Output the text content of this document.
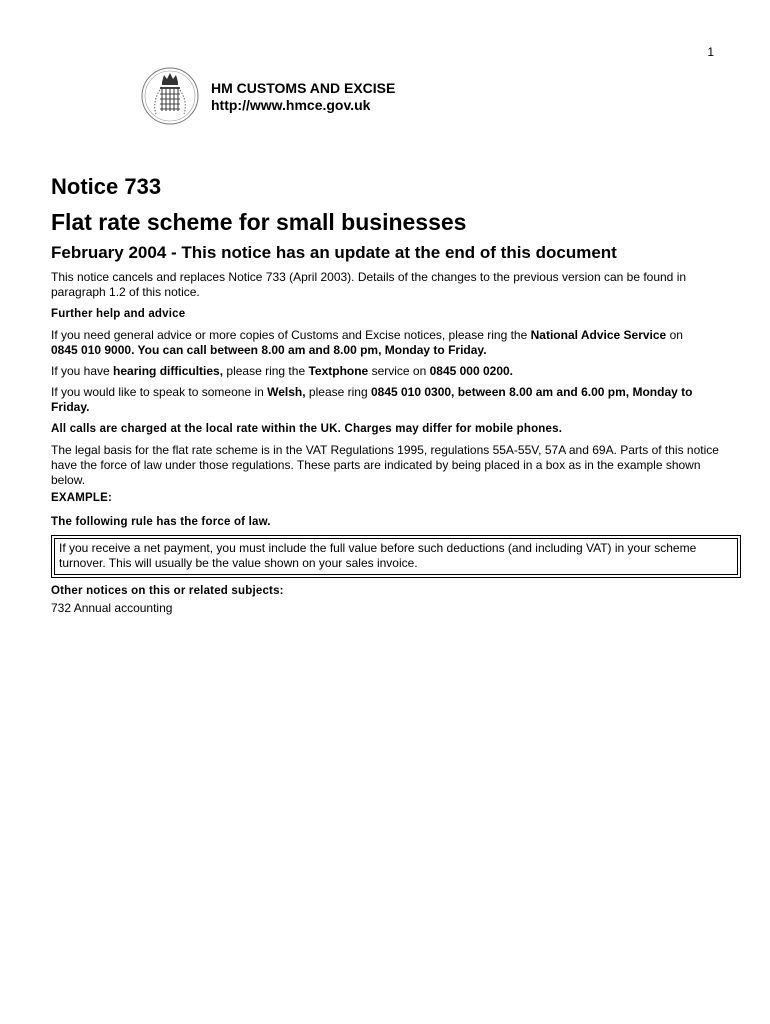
1
HM CUSTOMS AND EXCISE
http://www.hmce.gov.uk
Notice 733
Flat rate scheme for small businesses
February 2004 - This notice has an update at the end of this document

This notice cancels and replaces Notice 733 (April 2003). Details of the changes to the previous version can be found in paragraph 1.2 of this notice.

Further help and advice

If you need general advice or more copies of Customs and Excise notices, please ring the National Advice Service on
0845 010 9000. You can call between 8.00 am and 8.00 pm, Monday to Friday.

If you have hearing difficulties, please ring the Textphone service on 0845 000 0200.

If you would like to speak to someone in Welsh, please ring 0845 010 0300, between 8.00 am and 6.00 pm, Monday to Friday.

All calls are charged at the local rate within the UK. Charges may differ for mobile phones.

The legal basis for the flat rate scheme is in the VAT Regulations 1995, regulations 55A-55V, 57A and 69A. Parts of this notice have the force of law under those regulations. These parts are indicated by being placed in a box as in the example shown below.

EXAMPLE:
The following rule has the force of law.
If you receive a net payment, you must include the full value before such deductions (and including VAT) in your scheme turnover. This will usually be the value shown on your sales invoice.
Other notices on this or related subjects:

732 Annual accounting
